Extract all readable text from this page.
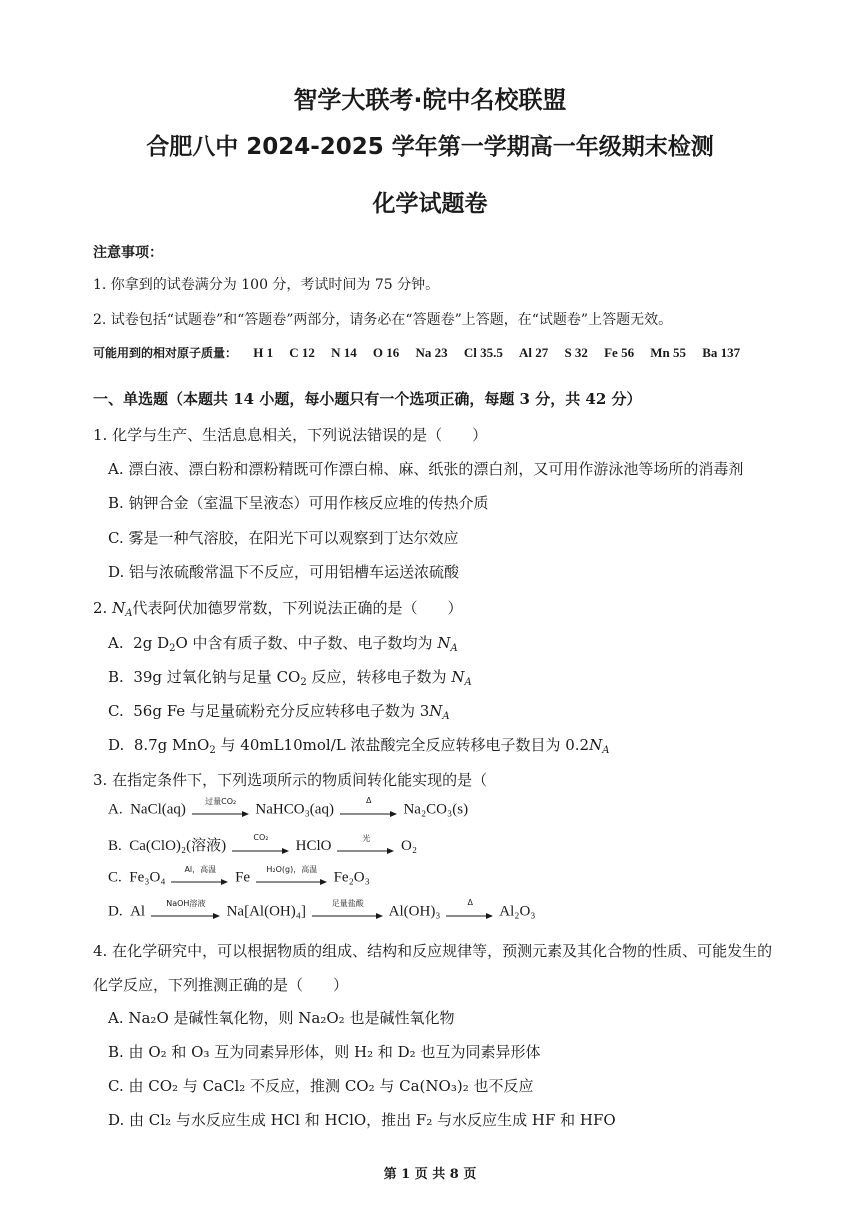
智学大联考·皖中名校联盟
合肥八中 2024-2025 学年第一学期高一年级期末检测
化学试题卷
注意事项：
1. 你拿到的试卷满分为 100 分，考试时间为 75 分钟。
2. 试卷包括“试题卷”和“答题卷”两部分，请务必在“答题卷”上答题，在“试题卷”上答题无效。
可能用到的相对原子质量： H 1 C 12 N 14 O 16 Na 23 Cl 35.5 Al 27 S 32 Fe 56 Mn 55 Ba 137
一、单选题（本题共 14 小题，每小题只有一个选项正确，每题 3 分，共 42 分）
1. 化学与生产、生活息息相关，下列说法错误的是（　　）
A. 漂白液、漂白粉和漂粉精既可作漂白棉、麻、纸张的漂白剂，又可用作游泳池等场所的消毒剂
B. 钠钾合金（室温下呈液态）可用作核反应堆的传热介质
C. 雾是一种气溶胶，在阳光下可以观察到丁达尔效应
D. 铝与浓硫酸常温下不反应，可用铝槽车运送浓硫酸
2. $N_A$代表阿伏加德罗常数，下列说法正确的是（　　）
A. 2g $D_2O$ 中含有质子数、中子数、电子数均为 $N_A$
B. 39g 过氧化钠与足量 $CO_2$ 反应，转移电子数为 $N_A$
C. 56g Fe 与足量硫粉充分反应转移电子数为 $3N_A$
D. 8.7g MnO$_2$ 与 40mL10mol/L 浓盐酸完全反应转移电子数目为 $0.2N_A$
3. 在指定条件下，下列选项所示的物质间转化能实现的是（
A. NaCl(aq)	过量CO₂	NaHCO₃(aq)
Δ
Na₂CO₃(s)
B. Ca(ClO)₂(溶液)
CO₂
HClO	光	O₂
C. Fe₃O₄	Al，高温	Fe	H₂O(g)，高温	Fe₂O₃
D. Al	NaOH溶液	Na[Al(OH)₄]	足量盐酸	Al(OH)₃
Δ
Al₂O₃
4. 在化学研究中，可以根据物质的组成、结构和反应规律等，预测元素及其化合物的性质、可能发生的化学反应，下列推测正确的是（　　）
A. Na₂O 是碱性氧化物，则 Na₂O₂ 也是碱性氧化物
B. 由 O₂ 和 O₃ 互为同素异形体，则 H₂ 和 D₂ 也互为同素异形体
C. 由 CO₂ 与 CaCl₂ 不反应，推测 CO₂ 与 Ca(NO₃)₂ 也不反应
D. 由 Cl₂ 与水反应生成 HCl 和 HClO，推出 F₂ 与水反应生成 HF 和 HFO
第 1 页 共 8 页
